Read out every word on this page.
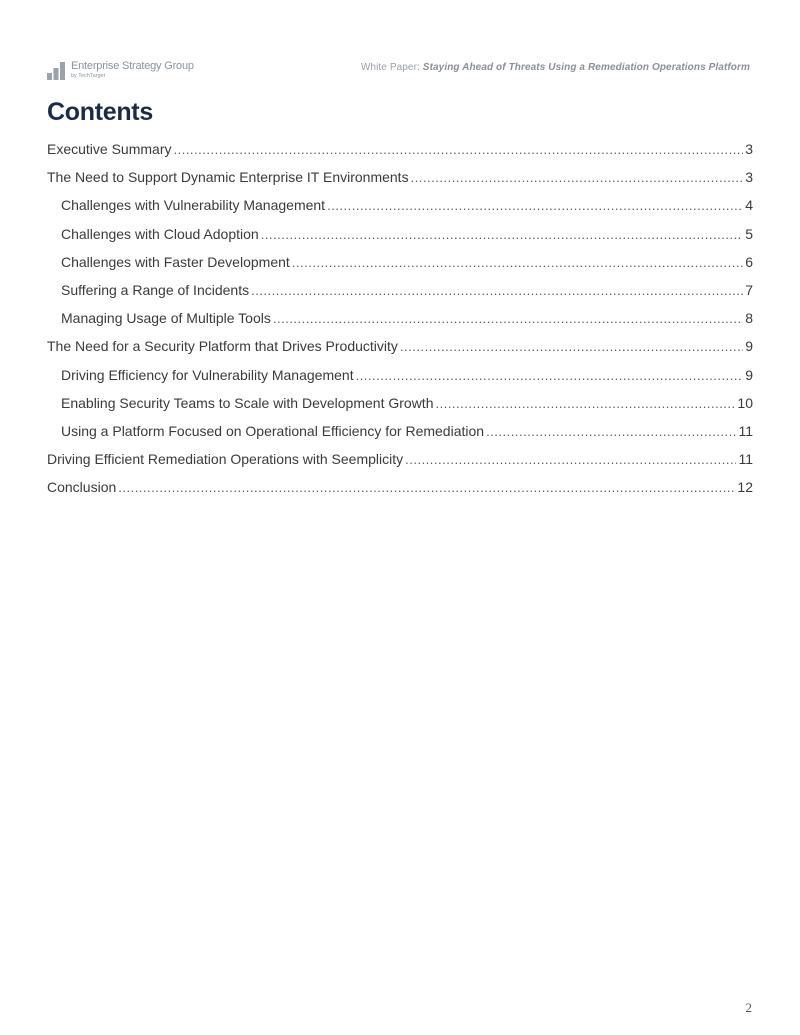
Enterprise Strategy Group
by TechTarget
White Paper: Staying Ahead of Threats Using a Remediation Operations Platform
Contents
Executive Summary .....	3
The Need to Support Dynamic Enterprise IT Environments .....	3
Challenges with Vulnerability Management .....	4
Challenges with Cloud Adoption .....	5
Challenges with Faster Development .....	6
Suffering a Range of Incidents .....	7
Managing Usage of Multiple Tools .....	8
The Need for a Security Platform that Drives Productivity .....	9
Driving Efficiency for Vulnerability Management .....	9
Enabling Security Teams to Scale with Development Growth .....	10
Using a Platform Focused on Operational Efficiency for Remediation .....	11
Driving Efficient Remediation Operations with Seemplicity .....	11
Conclusion .....	12
2
